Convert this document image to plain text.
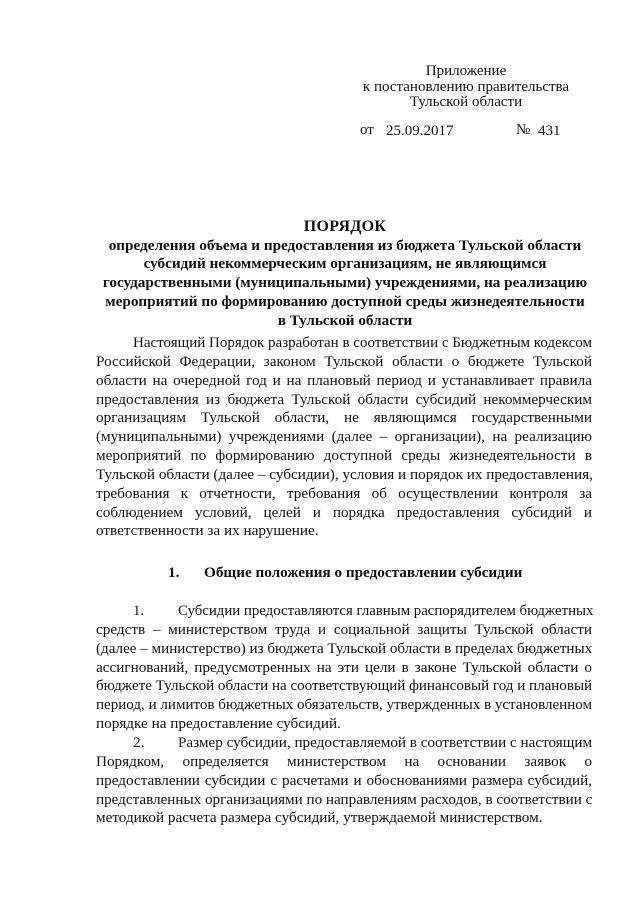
Приложение
к постановлению правительства
Тульской области
от 25.09.2017	№ 431
ПОРЯДОК
определения объема и предоставления из бюджета Тульской области
субсидий некоммерческим организациям, не являющимся
государственными (муниципальными) учреждениями, на реализацию
мероприятий по формированию доступной среды жизнедеятельности
в Тульской области
Настоящий Порядок разработан в соответствии с Бюджетным кодексом
Российской Федерации, законом Тульской области о бюджете Тульской
области на очередной год и на плановый период и устанавливает правила
предоставления из бюджета Тульской области субсидий некоммерческим
организациям Тульской области, не являющимся государственными
(муниципальными) учреждениями (далее – организации), на реализацию
мероприятий по формированию доступной среды жизнедеятельности в
Тульской области (далее – субсидии), условия и порядок их предоставления,
требования к отчетности, требования об осуществлении контроля за
соблюдением условий, целей и порядка предоставления субсидий и
ответственности за их нарушение.
1. Общие положения о предоставлении субсидии
1. Субсидии предоставляются главным распорядителем бюджетных
средств – министерством труда и социальной защиты Тульской области
(далее – министерство) из бюджета Тульской области в пределах бюджетных
ассигнований, предусмотренных на эти цели в законе Тульской области о
бюджете Тульской области на соответствующий финансовый год и плановый
период, и лимитов бюджетных обязательств, утвержденных в установленном
порядке на предоставление субсидий.
2. Размер субсидии, предоставляемой в соответствии с настоящим
Порядком, определяется министерством на основании заявок о
предоставлении субсидии с расчетами и обоснованиями размера субсидий,
представленных организациями по направлениям расходов, в соответствии с
методикой расчета размера субсидий, утверждаемой министерством.
